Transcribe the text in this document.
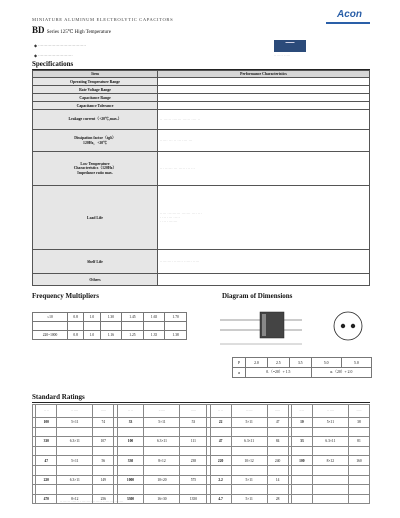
MINIATURE ALUMINUM ELECTROLYTIC CAPACITORS	Acon
BD Series 125℃ High Temperature
◆ ····································
◆ ··························
▬▬▬
······· ·····
Specifications
Item	Performance Characteristics
Operating Temperature Range	
Rate Voltage Range	
Capacitance Range	
Capacitance Tolerance	
Leakage current（+20℃,max.）	·· ······ ······· ······ ···· ··

Dissipation factor（tgδ）
120Hz，+20℃	······ ··· ·· ··· ···· ···

Low Temperature
Characteristics（120Hz）
Impedance ratio max.	··· ······ ··· ····· ··· ···
Load Life	····· ·········· ······· ···· ···
· ··· ···· ·····
· ··· ········
Shelf Life	·········· ······· ······ ·····
Others	
Frequency Multipliers

≤10	0.8	1.0	1.30	1.45	1.65	1.70

220~1000	0.8	1.0	1.16	1.25	1.35	1.38
Diagram of Dimensions
P	2.0	2.5	3.5	5.0	5.0
α	0.（=20）+ 1.5			α.（20）+ 2.0	
Standard Ratings
	·· ··	·· ····	·····		·· ··	·· ····	·····		·· ··	·· ····	·····		·· ··	·· ····	·····
	100	5×11	74		33	5×11	53		22	5×11	47		10	5×11	38

	330	6.3×11	107		100	6.3×11	111		47	6.3×11	84		33	6.3×11	81

	47	5×11	56		330	8×12	238		220	10×12	240		100	8×12	160

	220	6.3×11	149		1000	10×20	575		2.2	5×11	14				

	470	8×12	256		3300	16×30	1350		4.7	5×11	28				
········ ······ ········· ······· ········ ·······
